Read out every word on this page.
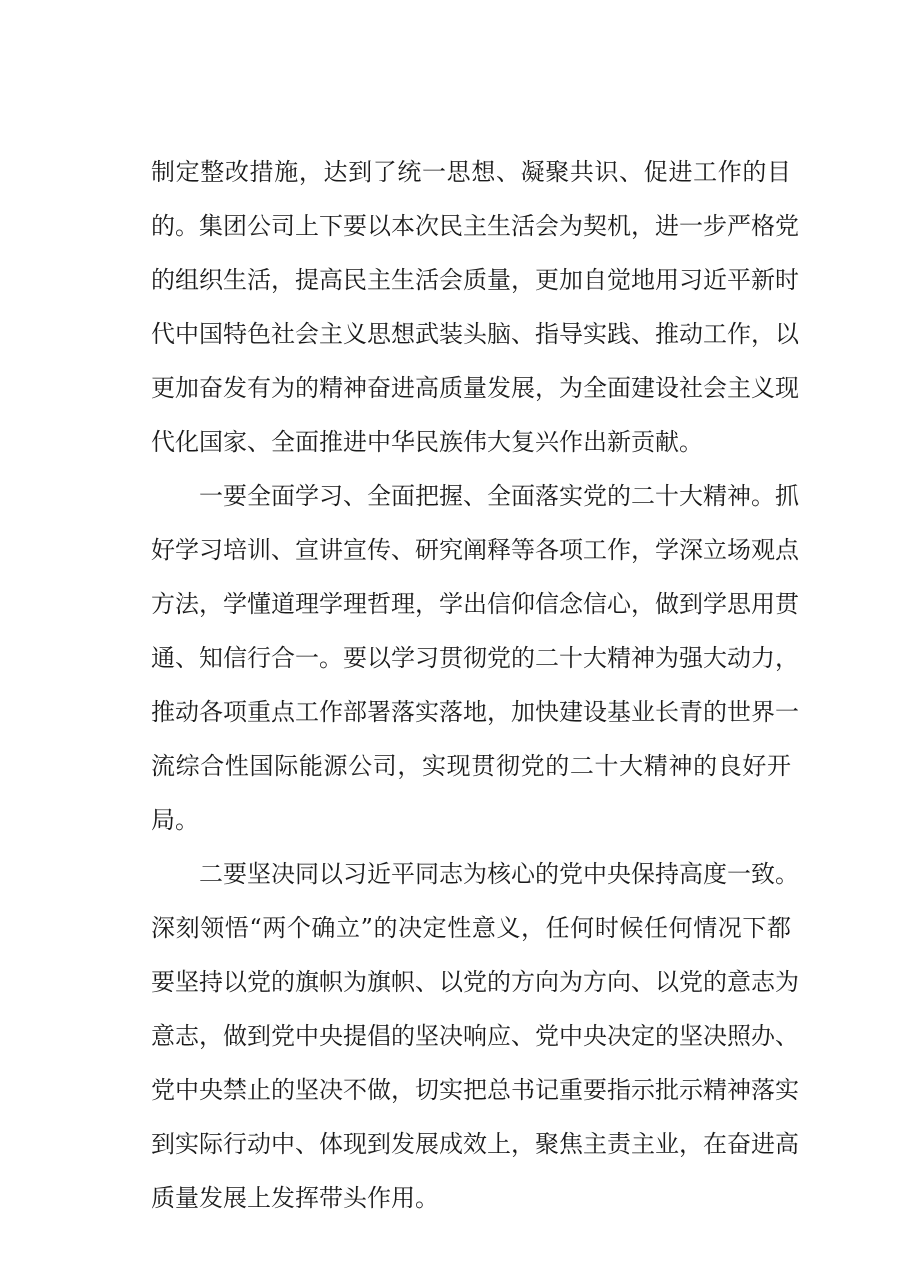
制定整改措施，达到了统一思想、凝聚共识、促进工作的目
的。集团公司上下要以本次民主生活会为契机，进一步严格党
的组织生活，提高民主生活会质量，更加自觉地用习近平新时
代中国特色社会主义思想武装头脑、指导实践、推动工作，以
更加奋发有为的精神奋进高质量发展，为全面建设社会主义现
代化国家、全面推进中华民族伟大复兴作出新贡献。
一要全面学习、全面把握、全面落实党的二十大精神。抓
好学习培训、宣讲宣传、研究阐释等各项工作，学深立场观点
方法，学懂道理学理哲理，学出信仰信念信心，做到学思用贯
通、知信行合一。要以学习贯彻党的二十大精神为强大动力，
推动各项重点工作部署落实落地，加快建设基业长青的世界一
流综合性国际能源公司，实现贯彻党的二十大精神的良好开
局。
二要坚决同以习近平同志为核心的党中央保持高度一致。
深刻领悟“两个确立”的决定性意义，任何时候任何情况下都
要坚持以党的旗帜为旗帜、以党的方向为方向、以党的意志为
意志，做到党中央提倡的坚决响应、党中央决定的坚决照办、
党中央禁止的坚决不做，切实把总书记重要指示批示精神落实
到实际行动中、体现到发展成效上，聚焦主责主业，在奋进高
质量发展上发挥带头作用。
